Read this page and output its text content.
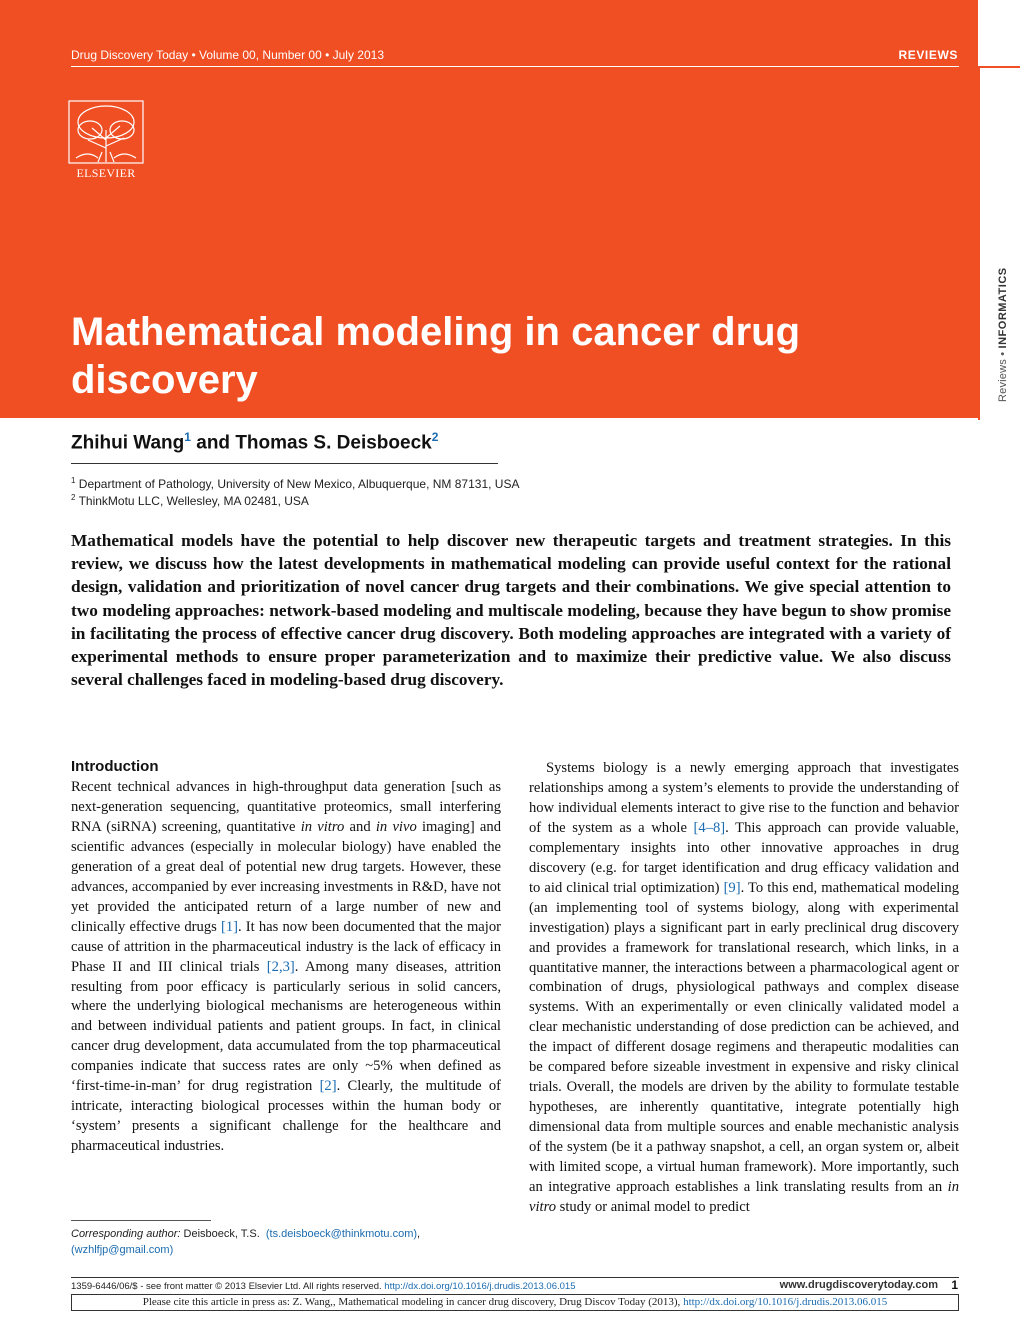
Drug Discovery Today • Volume 00, Number 00 • July 2013	REVIEWS
ELSEVIER
Mathematical modeling in cancer drug discovery	Reviews • INFORMATICS
Zhihui Wang$^1$ and Thomas S. Deisboeck$^2$
$^1$ Department of Pathology, University of New Mexico, Albuquerque, NM 87131, USA
$^2$ ThinkMotu LLC, Wellesley, MA 02481, USA
Mathematical models have the potential to help discover new therapeutic targets and treatment strategies. In this review, we discuss how the latest developments in mathematical modeling can provide useful context for the rational design, validation and prioritization of novel cancer drug targets and their combinations. We give special attention to two modeling approaches: network-based modeling and multiscale modeling, because they have begun to show promise in facilitating the process of effective cancer drug discovery. Both modeling approaches are integrated with a variety of experimental methods to ensure proper parameterization and to maximize their predictive value. We also discuss several challenges faced in modeling-based drug discovery.
Introduction

Recent technical advances in high-throughput data generation [such as next-generation sequencing, quantitative proteomics, small interfering RNA (siRNA) screening, quantitative in vitro and in vivo imaging] and scientific advances (especially in molecular biology) have enabled the generation of a great deal of potential new drug targets. However, these advances, accompanied by ever increasing investments in R&D, have not yet provided the anticipated return of a large number of new and clinically effective drugs [1]. It has now been documented that the major cause of attrition in the pharmaceutical industry is the lack of efficacy in Phase II and III clinical trials [2,3]. Among many diseases, attrition resulting from poor efficacy is particularly serious in solid cancers, where the underlying biological mechanisms are heterogeneous within and between individual patients and patient groups. In fact, in clinical cancer drug development, data accumulated from the top pharmaceutical companies indicate that success rates are only ~5% when defined as ‘first-time-in-man’ for drug registration [2]. Clearly, the multitude of intricate, interacting biological processes within the human body or ‘system’ presents a significant challenge for the healthcare and pharmaceutical industries.

Systems biology is a newly emerging approach that investigates relationships among a system’s elements to provide the understanding of how individual elements interact to give rise to the function and behavior of the system as a whole [4–8]. This approach can provide valuable, complementary insights into other innovative approaches in drug discovery (e.g. for target identification and drug efficacy validation and to aid clinical trial optimization) [9]. To this end, mathematical modeling (an implementing tool of systems biology, along with experimental investigation) plays a significant part in early preclinical drug discovery and provides a framework for translational research, which links, in a quantitative manner, the interactions between a pharmacological agent or combination of drugs, physiological pathways and complex disease systems. With an experimentally or even clinically validated model a clear mechanistic understanding of dose prediction can be achieved, and the impact of different dosage regimens and therapeutic modalities can be compared before sizeable investment in expensive and risky clinical trials. Overall, the models are driven by the ability to formulate testable hypotheses, are inherently quantitative, integrate potentially high dimensional data from multiple sources and enable mechanistic analysis of the system (be it a pathway snapshot, a cell, an organ system or, albeit with limited scope, a virtual human framework). More importantly, such an integrative approach establishes a link translating results from an in vitro study or animal model to predict

Corresponding author: Deisboeck, T.S.  (ts.deisboeck@thinkmotu.com),
(wzhlfjp@gmail.com)
1359-6446/06/$ - see front matter © 2013 Elsevier Ltd. All rights reserved. http://dx.doi.org/10.1016/j.drudis.2013.06.015	www.drugdiscoverytoday.com 1
Please cite this article in press as: Z. Wang,, Mathematical modeling in cancer drug discovery, Drug Discov Today (2013), http://dx.doi.org/10.1016/j.drudis.2013.06.015
